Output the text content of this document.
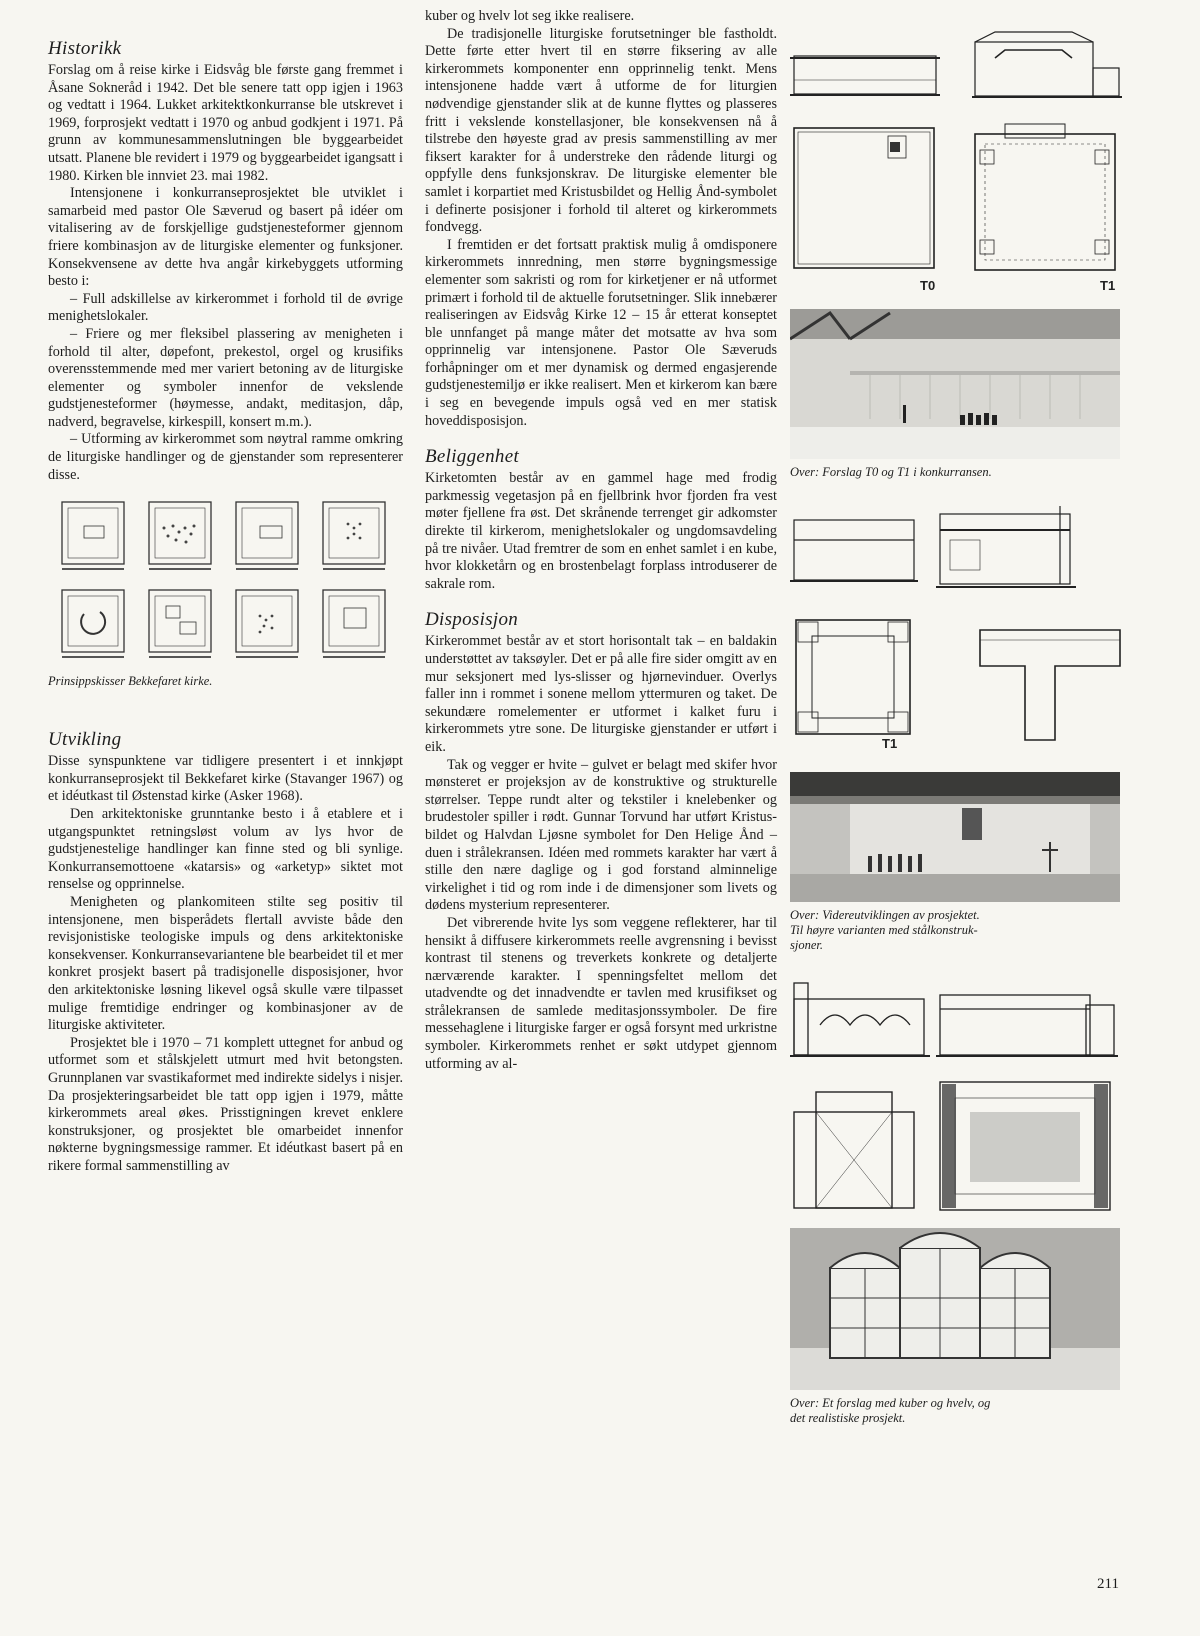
Historikk

Forslag om å reise kirke i Eidsvåg ble første gang fremmet i Åsane Sokneråd i 1942. Det ble senere tatt opp igjen i 1963 og vedtatt i 1964. Lukket arkitektkonkurranse ble utskrevet i 1969, forprosjekt vedtatt i 1970 og anbud godkjent i 1971. På grunn av kommunesammenslutningen ble byggearbeidet utsatt. Planene ble revidert i 1979 og byggearbeidet igangsatt i 1980. Kirken ble innviet 23. mai 1982.

Intensjonene i konkurranseprosjektet ble utviklet i samarbeid med pastor Ole Sæverud og basert på idéer om vitalisering av de forskjellige gudstjenesteformer gjennom friere kombinasjon av de liturgiske elementer og funksjoner. Konsekvensene av dette hva angår kirkebyggets utforming besto i:

– Full adskillelse av kirkerommet i forhold til de øvrige menighetslokaler.

– Friere og mer fleksibel plassering av menigheten i forhold til alter, døpefont, prekestol, orgel og krusifiks overensstemmende med mer variert betoning av de liturgiske elementer og symboler innenfor de vekslende gudstjenesteformer (høymesse, andakt, meditasjon, dåp, nadverd, begravelse, kirkespill, konsert m.m.).

– Utforming av kirkerommet som nøytral ramme omkring de liturgiske handlinger og de gjenstander som representerer disse.

Prinsippskisser Bekkefaret kirke.
Utvikling

Disse synspunktene var tidligere presentert i et innkjøpt konkurranseprosjekt til Bekkefaret kirke (Stavanger 1967) og et idéutkast til Østenstad kirke (Asker 1968).

Den arkitektoniske grunntanke besto i å etablere et i utgangspunktet retningsløst volum av lys hvor de gudstjenestelige handlinger kan finne sted og bli synlige. Konkurransemottoene «katarsis» og «arketyp» siktet mot renselse og opprinnelse.

Menigheten og plankomiteen stilte seg positiv til intensjonene, men bisperådets flertall avviste både den revisjonistiske teologiske impuls og dens arkitektoniske konsekvenser. Konkurransevariantene ble bearbeidet til et mer konkret prosjekt basert på tradisjonelle disposisjoner, hvor den arkitektoniske løsning likevel også skulle være tilpasset mulige fremtidige endringer og kombinasjoner av de liturgiske aktiviteter.

Prosjektet ble i 1970 – 71 komplett uttegnet for anbud og utformet som et stålskjelett utmurt med hvit betongsten. Grunnplanen var svastikaformet med indirekte sidelys i nisjer. Da prosjekteringsarbeidet ble tatt opp igjen i 1979, måtte kirkerommets areal økes. Prisstigningen krevet enklere konstruksjoner, og prosjektet ble omarbeidet innenfor nøkterne bygningsmessige rammer. Et idéutkast basert på en rikere formal sammenstilling av

kuber og hvelv lot seg ikke realisere.

De tradisjonelle liturgiske forutsetninger ble fastholdt. Dette førte etter hvert til en større fiksering av alle kirkerommets komponenter enn opprinnelig tenkt. Mens intensjonene hadde vært å utforme de for liturgien nødvendige gjenstander slik at de kunne flyttes og plasseres fritt i vekslende konstellasjoner, ble konsekvensen nå å tilstrebe den høyeste grad av presis sammenstilling av mer fiksert karakter for å understreke den rådende liturgi og oppfylle dens funksjonskrav. De liturgiske elementer ble samlet i korpartiet med Kristusbildet og Hellig Ånd-symbolet i definerte posisjoner i forhold til alteret og kirkerommets fondvegg.

I fremtiden er det fortsatt praktisk mulig å omdisponere kirkerommets innredning, men større bygningsmessige elementer som sakristi og rom for kirketjener er nå utformet primært i forhold til de aktuelle forutsetninger. Slik innebærer realiseringen av Eidsvåg Kirke 12 – 15 år etterat konseptet ble unnfanget på mange måter det motsatte av hva som opprinnelig var intensjonene. Pastor Ole Sæveruds forhåpninger om et mer dynamisk og dermed engasjerende gudstjenestemiljø er ikke realisert. Men et kirkerom kan bære i seg en bevegende impuls også ved en mer statisk hoveddisposisjon.

Beliggenhet

Kirketomten består av en gammel hage med frodig parkmessig vegetasjon på en fjellbrink hvor fjorden fra vest møter fjellene fra øst. Det skrånende terrenget gir adkomster direkte til kirkerom, menighetslokaler og ungdomsavdeling på tre nivåer. Utad fremtrer de som en enhet samlet i en kube, hvor klokketårn og en brostenbelagt forplass introduserer de sakrale rom.

Disposisjon

Kirkerommet består av et stort horisontalt tak – en baldakin understøttet av taksøyler. Det er på alle fire sider omgitt av en mur seksjonert med lys-slisser og hjørnevinduer. Overlys faller inn i rommet i sonene mellom yttermuren og taket. De sekundære romelementer er utformet i kalket furu i kirkerommets ytre sone. De liturgiske gjenstander er utført i eik.

Tak og vegger er hvite – gulvet er belagt med skifer hvor mønsteret er projeksjon av de konstruktive og strukturelle størrelser. Teppe rundt alter og tekstiler i knelebenker og brudestoler spiller i rødt. Gunnar Torvund har utført Kristus-bildet og Halvdan Ljøsne symbolet for Den Helige Ånd – duen i strålekransen. Idéen med rommets karakter har vært å stille den nære daglige og i god forstand alminnelige virkelighet i tid og rom inde i de dimensjoner som livets og dødens mysterium representerer.

Det vibrerende hvite lys som veggene reflekterer, har til hensikt å diffusere kirkerommets reelle avgrensning i bevisst kontrast til stenens og treverkets konkrete og detaljerte nærværende karakter. I spenningsfeltet mellom det utadvendte og det innadvendte er tavlen med krusifikset og strålekransen de samlede meditasjonssymboler. De fire messehaglene i liturgiske farger er også forsynt med urkristne symboler. Kirkerommets renhet er søkt utdypet gjennom utforming av al-

T0	T1
Over: Forslag T0 og T1 i konkurransen.
T1
Over: Videreutviklingen av prosjektet.
Til høyre varianten med stålkonstruk-
sjoner.
Over: Et forslag med kuber og hvelv, og
det realistiske prosjekt.
211
